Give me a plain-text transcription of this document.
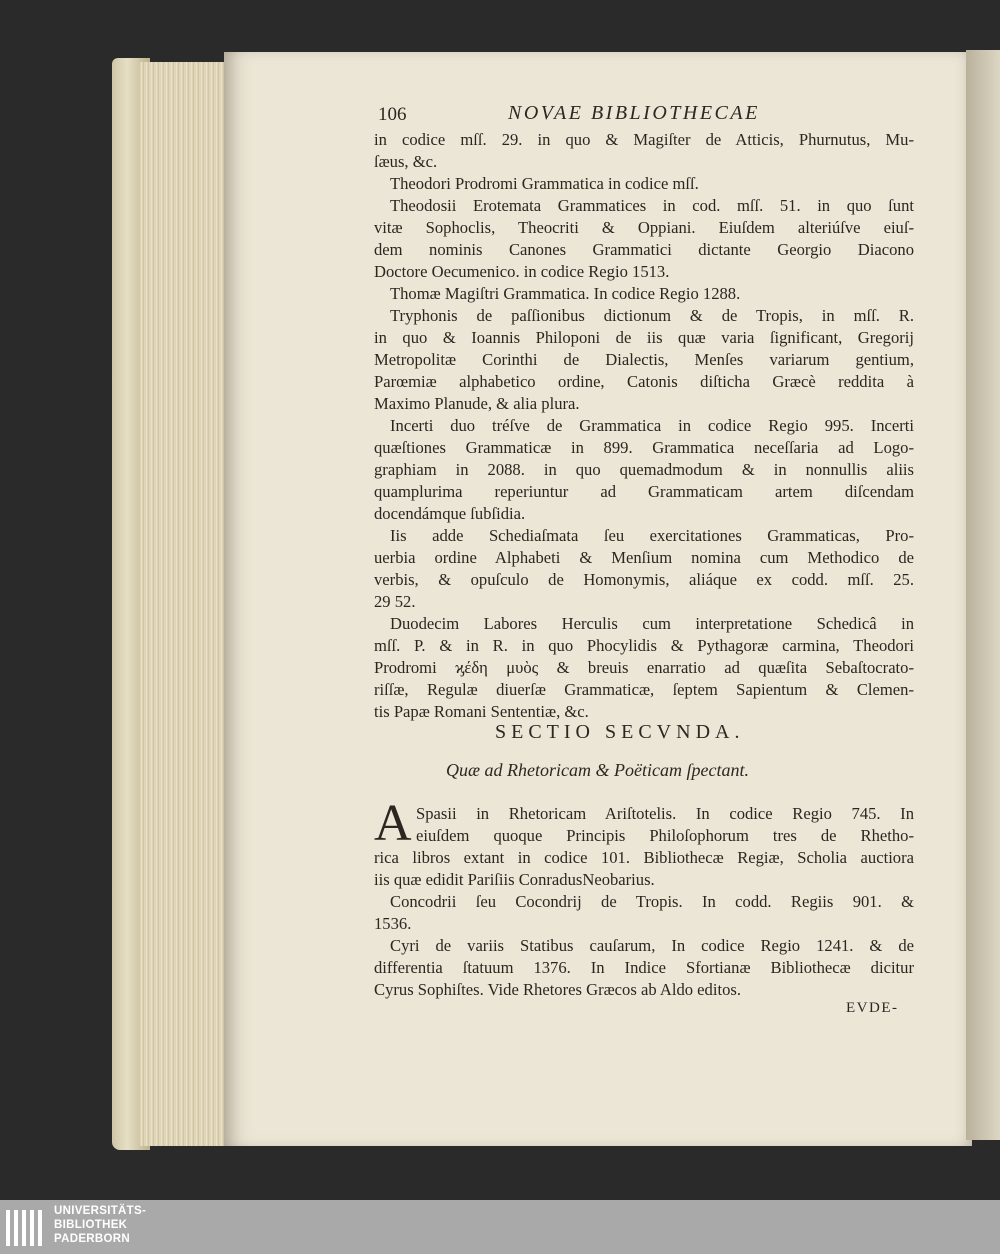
106	NOVAE BIBLIOTHECAE
in codice mſſ. 29. in quo & Magiſter de Atticis, Phurnutus, Mu-
ſæus, &c.
Theodori Prodromi Grammatica in codice mſſ.
Theodosii Erotemata Grammatices in cod. mſſ. 51. in quo ſunt
vitæ Sophoclis, Theocriti & Oppiani. Eiuſdem alteriúſve eiuſ-
dem nominis Canones Grammatici dictante Georgio Diacono
Doctore Oecumenico. in codice Regio 1513.
Thomæ Magiſtri Grammatica. In codice Regio 1288.
Tryphonis de paſſionibus dictionum & de Tropis, in mſſ. R.
in quo & Ioannis Philoponi de iis quæ varia ſignificant, Gregorij
Metropolitæ Corinthi de Dialectis, Menſes variarum gentium,
Parœmiæ alphabetico ordine, Catonis diſticha Græcè reddita à
Maximo Planude, & alia plura.
Incerti duo tréſve de Grammatica in codice Regio 995. Incerti
quæſtiones Grammaticæ in 899. Grammatica neceſſaria ad Logo-
graphiam in 2088. in quo quemadmodum & in nonnullis aliis
quamplurima reperiuntur ad Grammaticam artem diſcendam
docendámque ſubſidia.
Iis adde Schediaſmata ſeu exercitationes Grammaticas, Pro-
uerbia ordine Alphabeti & Menſium nomina cum Methodico de
verbis, & opuſculo de Homonymis, aliáque ex codd. mſſ. 25.
29 52.
Duodecim Labores Herculis cum interpretatione Schedicâ in
mſſ. P. & in R. in quo Phocylidis & Pythagoræ carmina, Theodori
Prodromi ϗέδη μυὸς & breuis enarratio ad quæſita Sebaſtocrato-
riſſæ, Regulæ diuerſæ Grammaticæ, ſeptem Sapientum & Clemen-
tis Papæ Romani Sententiæ, &c.
SECTIO SECVNDA.
Quæ ad Rhetoricam & Poëticam ſpectant.
A Spasii in Rhetoricam Ariſtotelis. In codice Regio 745. In
eiuſdem quoque Principis Philoſophorum tres de Rhetho-
rica libros extant in codice 101. Bibliothecæ Regiæ, Scholia auctiora
iis quæ edidit Pariſiis ConradusNeobarius.
Concodrii ſeu Cocondrij de Tropis. In codd. Regiis 901. &
1536.
Cyri de variis Statibus cauſarum, In codice Regio 1241. & de
differentia ſtatuum 1376. In Indice Sfortianæ Bibliothecæ dicitur
Cyrus Sophiſtes. Vide Rhetores Græcos ab Aldo editos.
EVDE-
UNIVERSITÄTS-
BIBLIOTHEK
PADERBORN
